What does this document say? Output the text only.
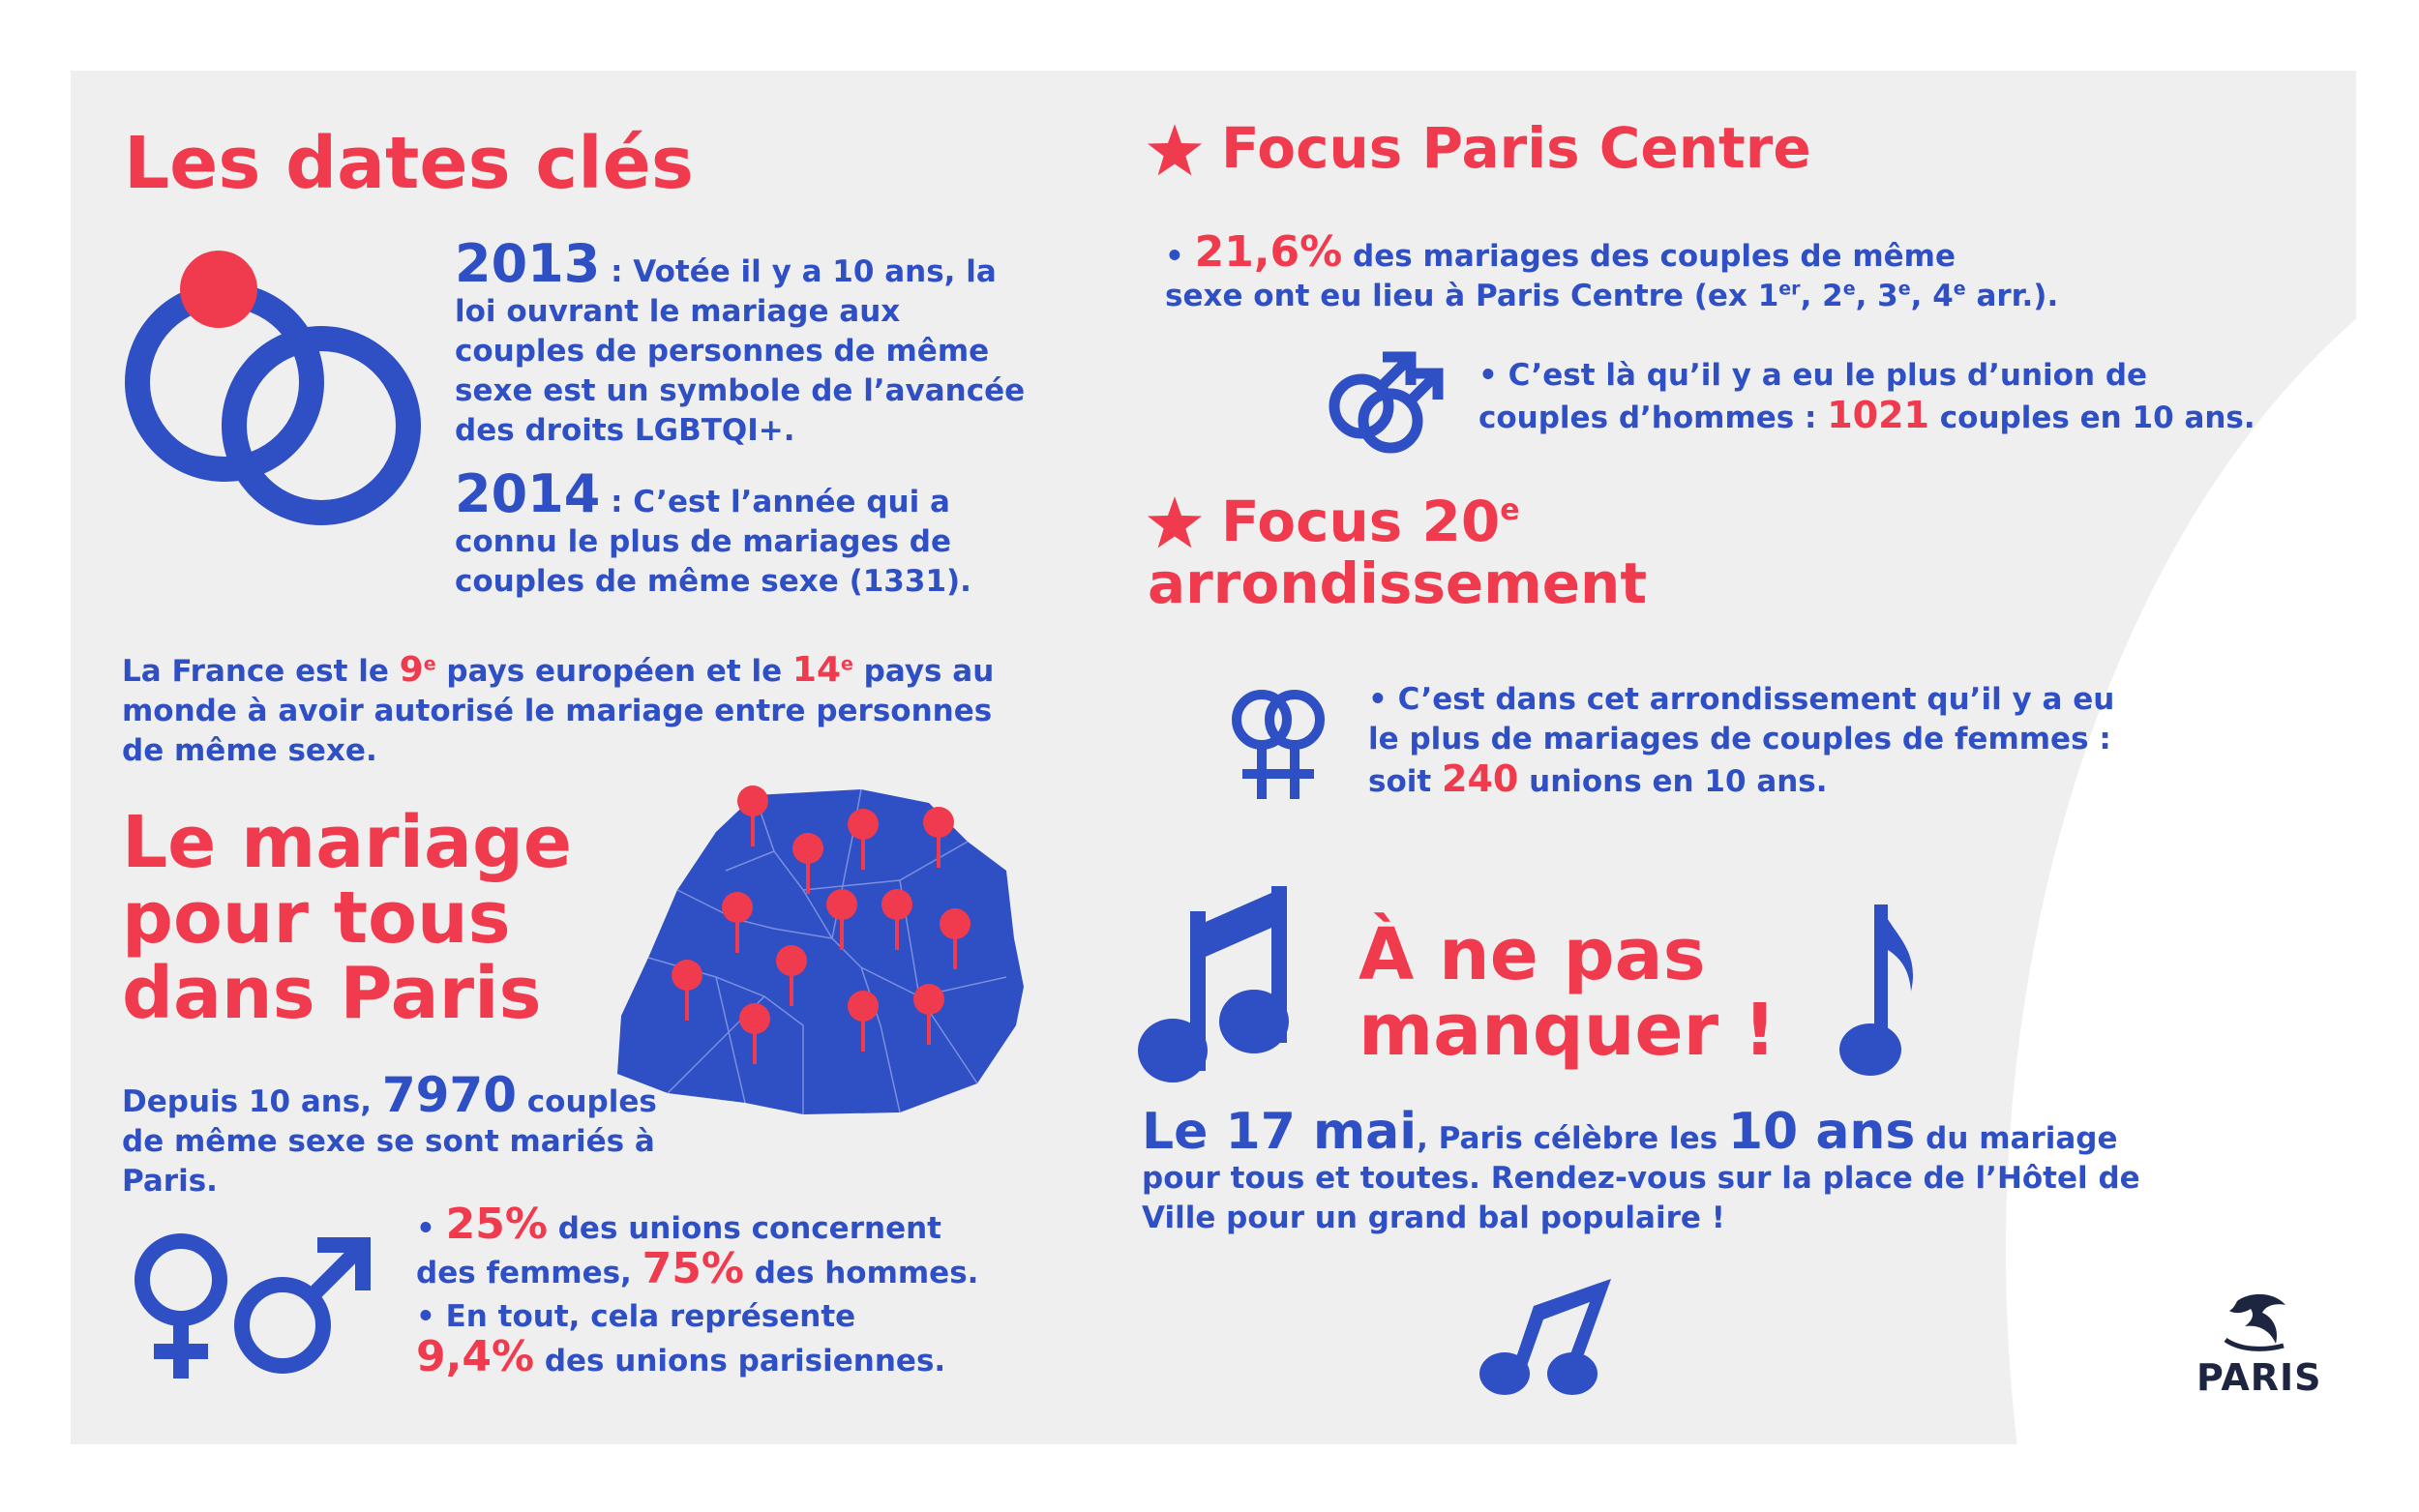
Les dates clés
2013 : Votée il y a 10 ans, la loi ouvrant le mariage aux couples de personnes de même sexe est un symbole de l’avancée des droits LGBTQI+.
2014 : C’est l’année qui a connu le plus de mariages de couples de même sexe (1331).
La France est le 9e pays européen et le 14e pays au monde à avoir autorisé le mariage entre personnes de même sexe.
Le mariage
pour tous
dans Paris
Depuis 10 ans, 7970 couples
de même sexe se sont mariés à Paris.
• 25% des unions concernent
des femmes, 75% des hommes.
• En tout, cela représente
9,4% des unions parisiennes.
Focus Paris Centre
• 21,6% des mariages des couples de même
sexe ont eu lieu à Paris Centre (ex 1er, 2e, 3e, 4e arr.).
• C’est là qu’il y a eu le plus d’union de
couples d’hommes : 1021 couples en 10 ans.
Focus 20e
arrondissement
• C’est dans cet arrondissement qu’il y a eu
le plus de mariages de couples de femmes :
soit 240 unions en 10 ans.
À ne pas
manquer !
Le 17 mai, Paris célèbre les 10 ans du mariage
pour tous et toutes. Rendez-vous sur la place de l’Hôtel de
Ville pour un grand bal populaire !
PARIS
